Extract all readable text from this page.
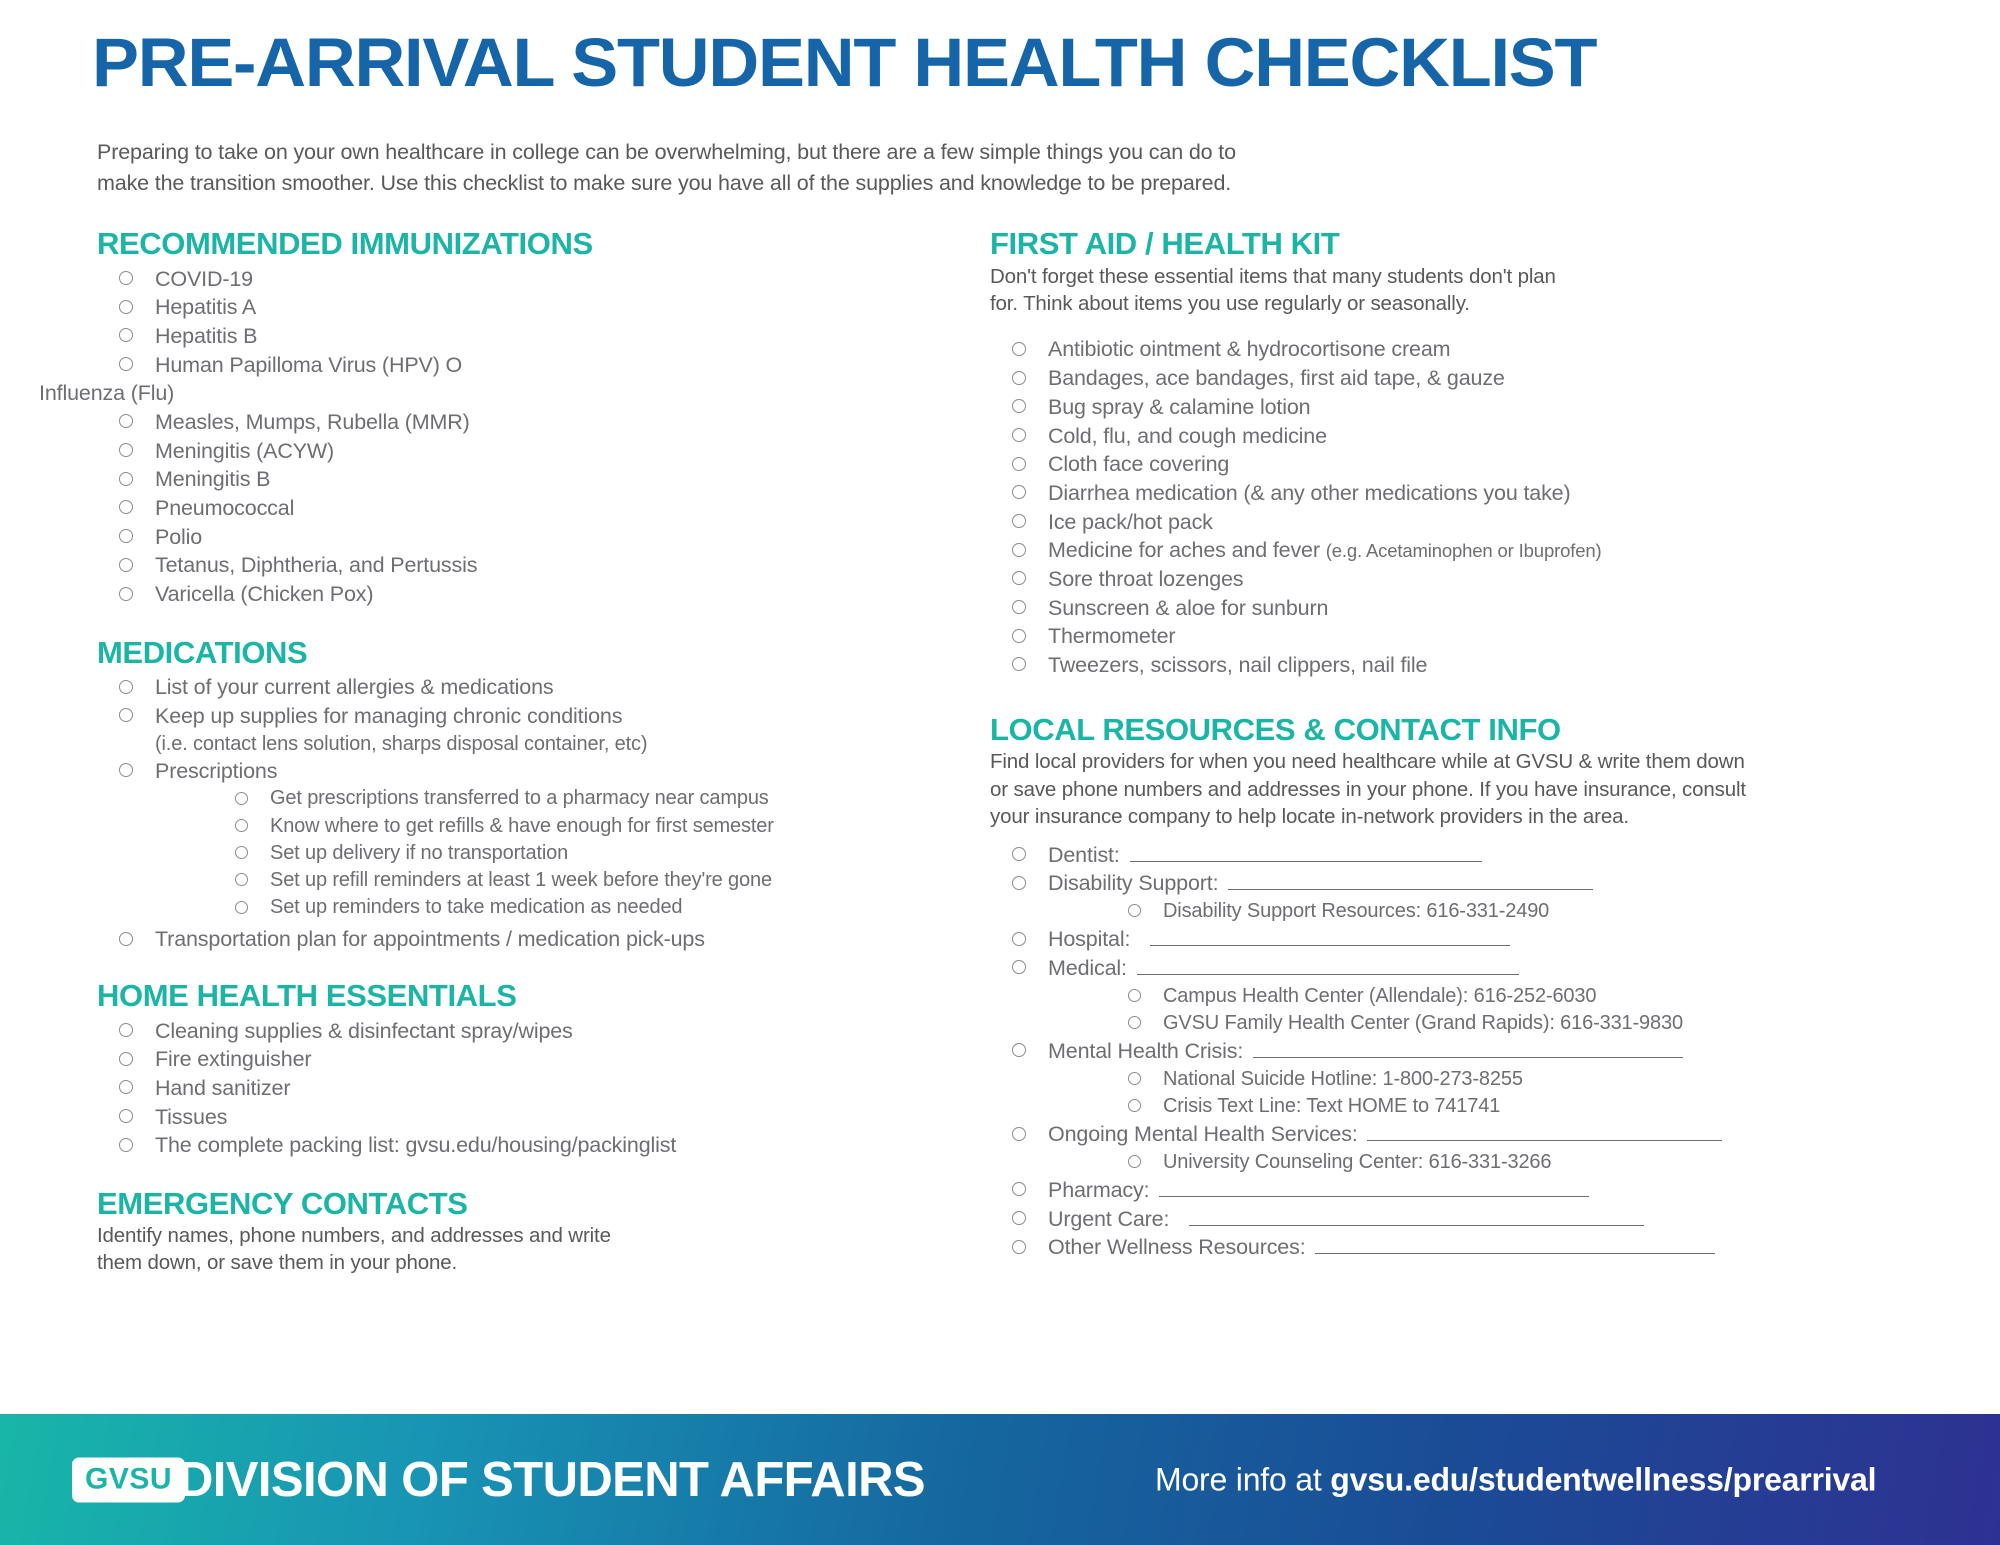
PRE-ARRIVAL STUDENT HEALTH CHECKLIST
Preparing to take on your own healthcare in college can be overwhelming, but there are a few simple things you can do to
make the transition smoother. Use this checklist to make sure you have all of the supplies and knowledge to be prepared.
RECOMMENDED IMMUNIZATIONS
COVID-19
Hepatitis A
Hepatitis B
Human Papilloma Virus (HPV) O
Influenza (Flu)
Measles, Mumps, Rubella (MMR)
Meningitis (ACYW)
Meningitis B
Pneumococcal
Polio
Tetanus, Diphtheria, and Pertussis
Varicella (Chicken Pox)
MEDICATIONS
List of your current allergies & medications
Keep up supplies for managing chronic conditions
(i.e. contact lens solution, sharps disposal container, etc)
Prescriptions
Get prescriptions transferred to a pharmacy near campus
Know where to get refills & have enough for first semester
Set up delivery if no transportation
Set up refill reminders at least 1 week before they're gone
Set up reminders to take medication as needed
Transportation plan for appointments / medication pick-ups
HOME HEALTH ESSENTIALS
Cleaning supplies & disinfectant spray/wipes
Fire extinguisher
Hand sanitizer
Tissues
The complete packing list: gvsu.edu/housing/packinglist
EMERGENCY CONTACTS
Identify names, phone numbers, and addresses and write
them down, or save them in your phone.
FIRST AID / HEALTH KIT
Don't forget these essential items that many students don't plan
for. Think about items you use regularly or seasonally.
Antibiotic ointment & hydrocortisone cream
Bandages, ace bandages, first aid tape, & gauze
Bug spray & calamine lotion
Cold, flu, and cough medicine
Cloth face covering
Diarrhea medication (& any other medications you take)
Ice pack/hot pack
Medicine for aches and fever (e.g. Acetaminophen or Ibuprofen)
Sore throat lozenges
Sunscreen & aloe for sunburn
Thermometer
Tweezers, scissors, nail clippers, nail file
LOCAL RESOURCES & CONTACT INFO
Find local providers for when you need healthcare while at GVSU & write them down
or save phone numbers and addresses in your phone. If you have insurance, consult
your insurance company to help locate in-network providers in the area.
Dentist:
Disability Support:
Disability Support Resources: 616-331-2490
Hospital:
Medical:
Campus Health Center (Allendale): 616-252-6030
GVSU Family Health Center (Grand Rapids): 616-331-9830
Mental Health Crisis:
National Suicide Hotline: 1-800-273-8255
Crisis Text Line: Text HOME to 741741
Ongoing Mental Health Services:
University Counseling Center: 616-331-3266
Pharmacy:
Urgent Care:
Other Wellness Resources:
GVSU DIVISION OF STUDENT AFFAIRS	More info at gvsu.edu/studentwellness/prearrival
